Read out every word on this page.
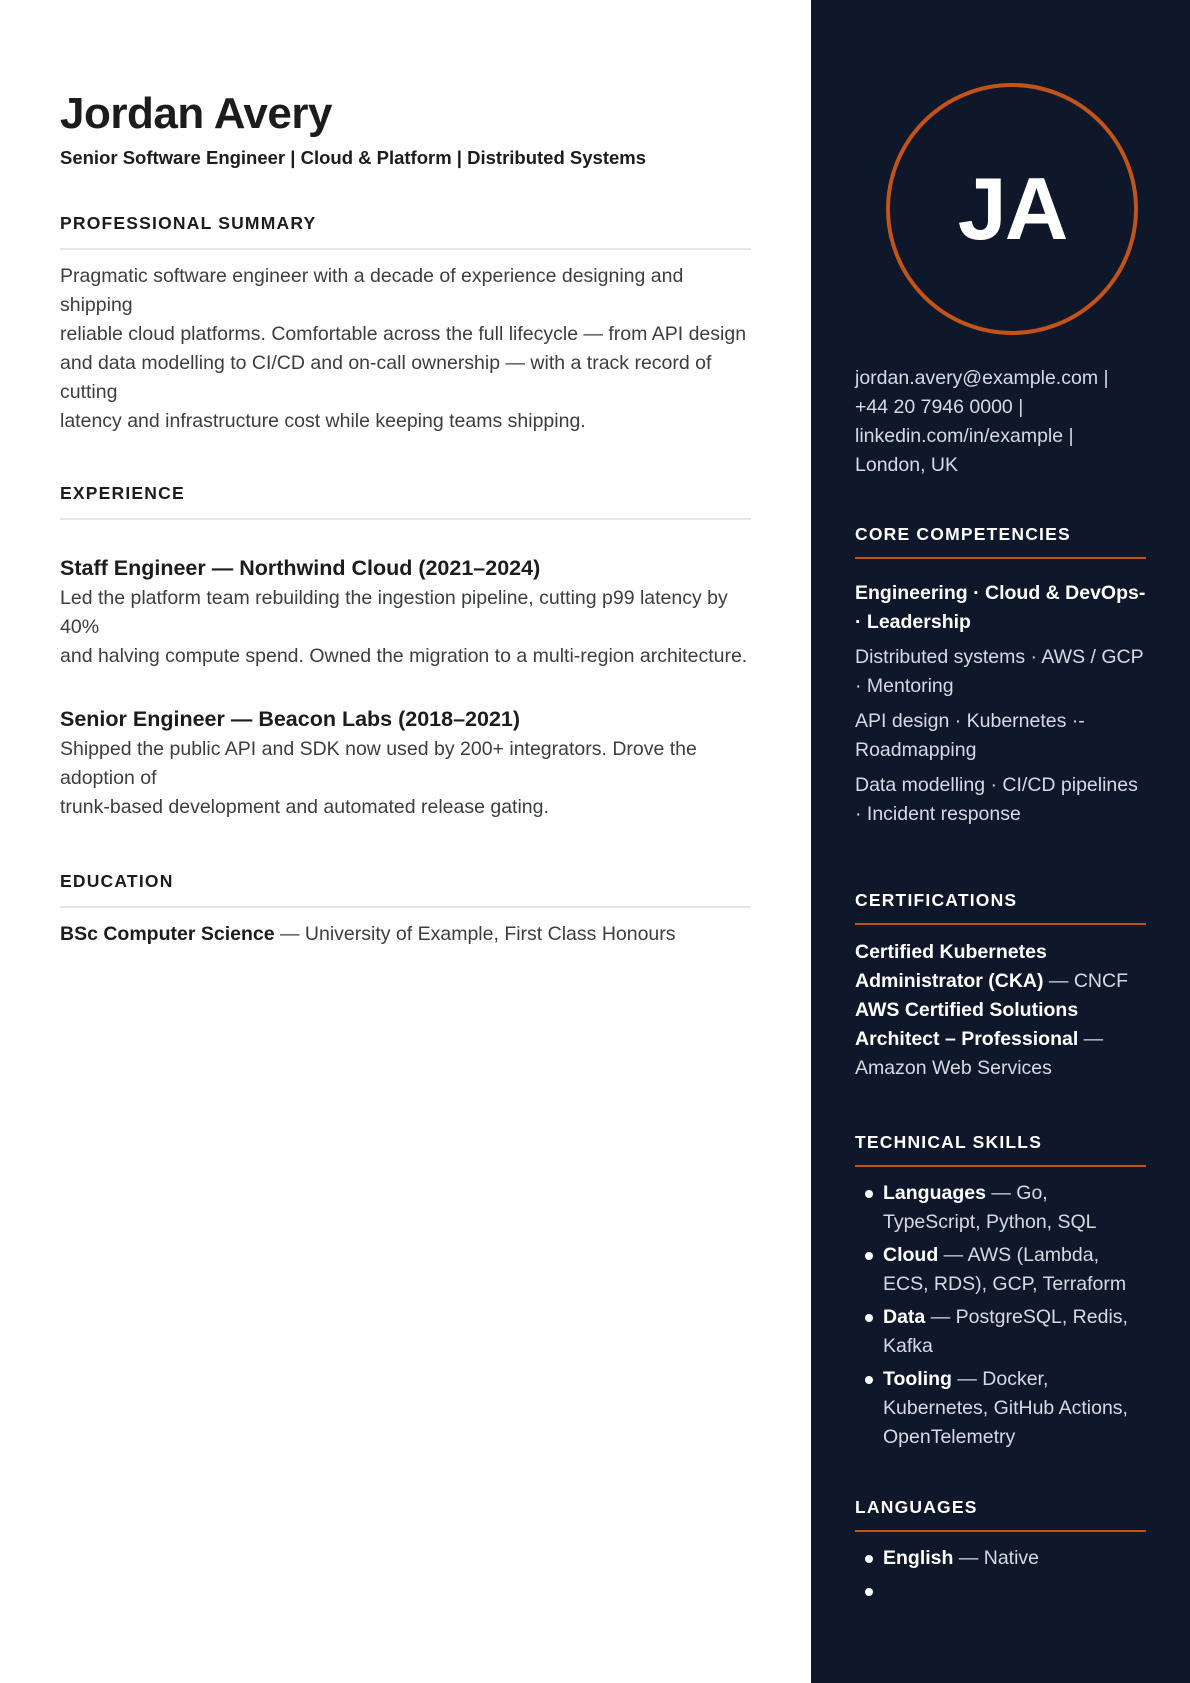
Jordan Avery
Senior Software Engineer | Cloud & Platform | Distributed Systems
PROFESSIONAL SUMMARY
Pragmatic software engineer with a decade of experience designing and shipping
reliable cloud platforms. Comfortable across the full lifecycle — from API design and data modelling to CI/CD and on-call ownership — with a track record of cutting
latency and infrastructure cost while keeping teams shipping.
EXPERIENCE
Staff Engineer — Northwind Cloud (2021–2024)
Led the platform team rebuilding the ingestion pipeline, cutting p99 latency by 40%
and halving compute spend. Owned the migration to a multi-region architecture.
Senior Engineer — Beacon Labs (2018–2021)
Shipped the public API and SDK now used by 200+ integrators. Drove the adoption of
trunk-based development and automated release gating.
EDUCATION
BSc Computer Science — University of Example, First Class Honours
JA
jordan.avery@example.com | +44 20 7946 0000 | linkedin.com/in/example | London, UK
CORE COMPETENCIES
Engineering · Cloud & DevOps- · Leadership
Distributed systems · AWS / GCP · Mentoring
API design · Kubernetes ·- Roadmapping
Data modelling · CI/CD pipelines · Incident response
CERTIFICATIONS
Certified Kubernetes Administrator (CKA) — CNCF
AWS Certified Solutions Architect – Professional — Amazon Web Services
TECHNICAL SKILLS
Languages — Go, TypeScript, Python, SQL
Cloud — AWS (Lambda, ECS, RDS), GCP, Terraform
Data — PostgreSQL, Redis, Kafka
Tooling — Docker, Kubernetes, GitHub Actions, OpenTelemetry
LANGUAGES
English — Native
